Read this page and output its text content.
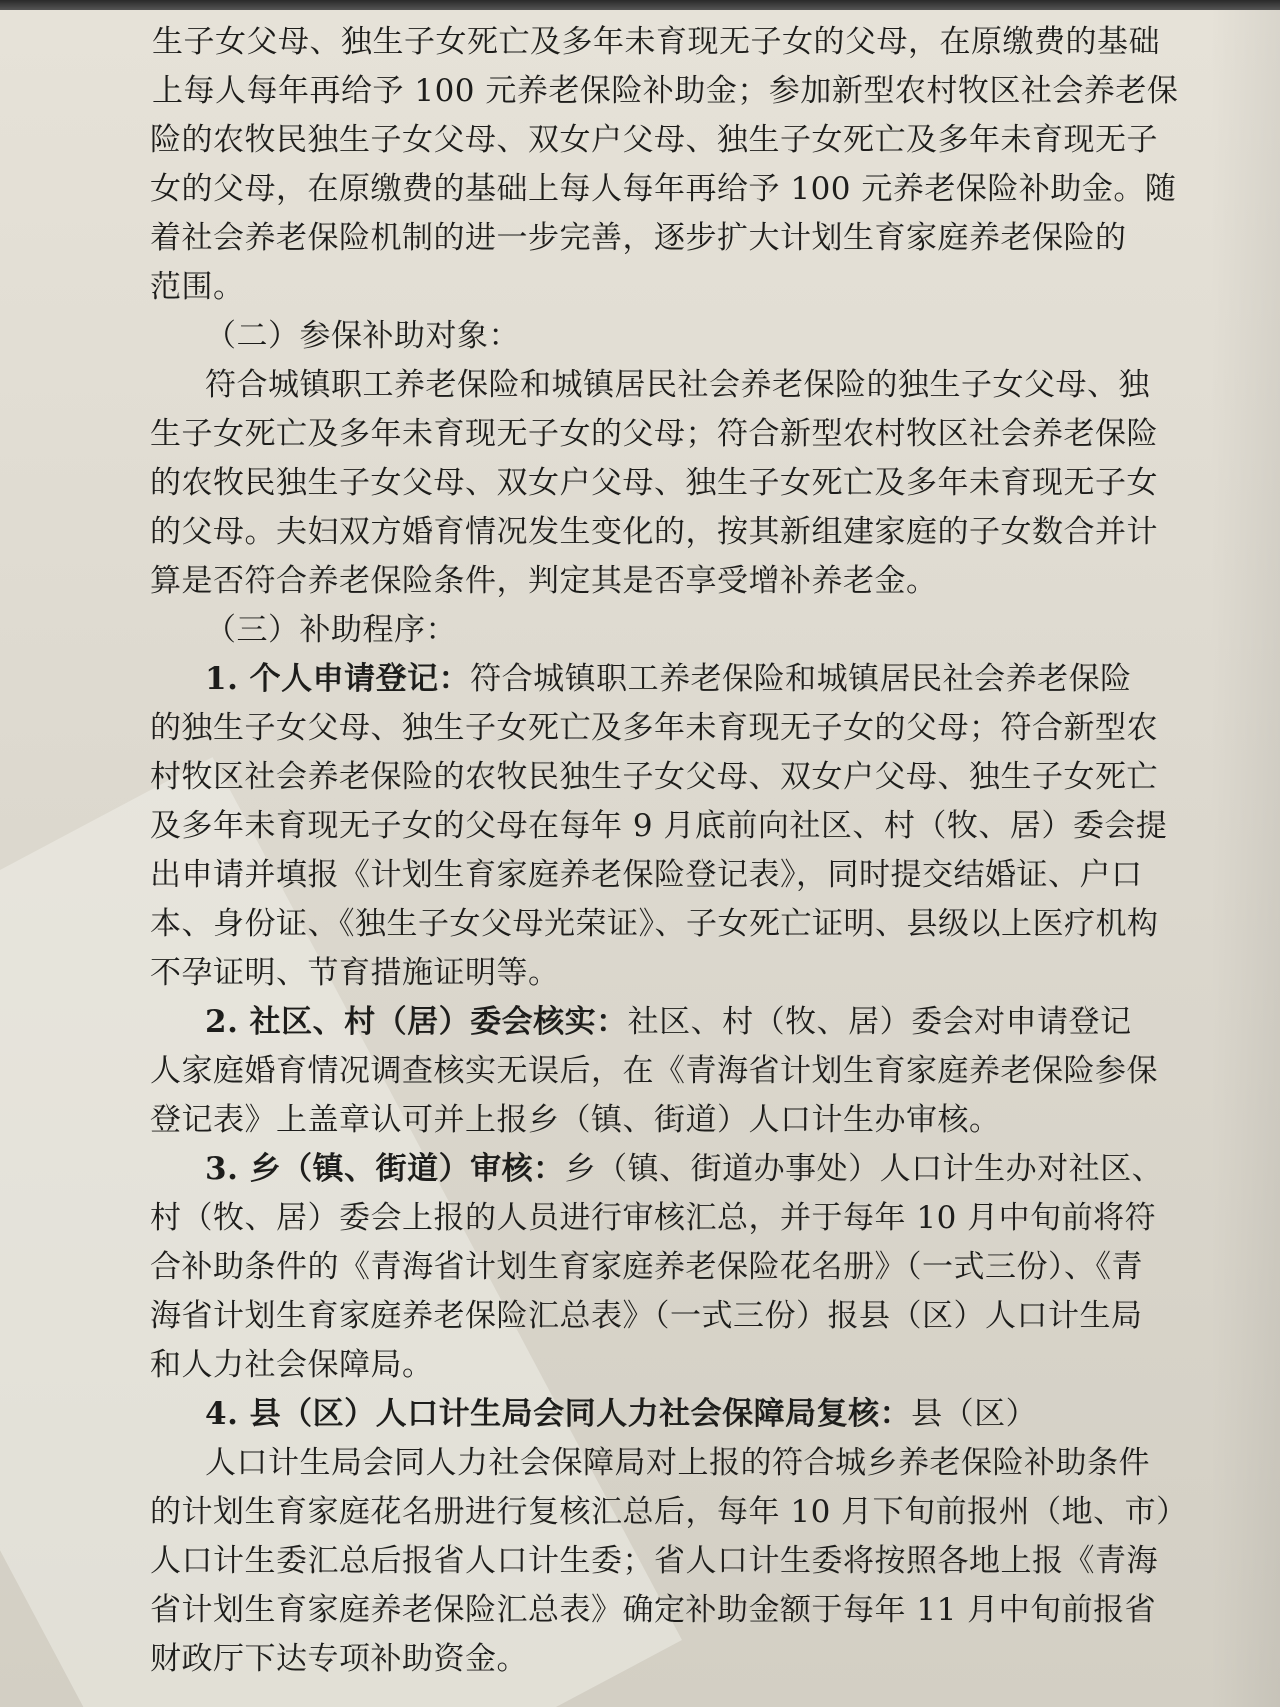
生子女父母、独生子女死亡及多年未育现无子女的父母，在原缴费的基础
上每人每年再给予 100 元养老保险补助金；参加新型农村牧区社会养老保
险的农牧民独生子女父母、双女户父母、独生子女死亡及多年未育现无子
女的父母，在原缴费的基础上每人每年再给予 100 元养老保险补助金。随
着社会养老保险机制的进一步完善，逐步扩大计划生育家庭养老保险的
范围。
（二）参保补助对象：
符合城镇职工养老保险和城镇居民社会养老保险的独生子女父母、独
生子女死亡及多年未育现无子女的父母；符合新型农村牧区社会养老保险
的农牧民独生子女父母、双女户父母、独生子女死亡及多年未育现无子女
的父母。夫妇双方婚育情况发生变化的，按其新组建家庭的子女数合并计
算是否符合养老保险条件，判定其是否享受增补养老金。
（三）补助程序：
1. 个人申请登记：符合城镇职工养老保险和城镇居民社会养老保险
的独生子女父母、独生子女死亡及多年未育现无子女的父母；符合新型农
村牧区社会养老保险的农牧民独生子女父母、双女户父母、独生子女死亡
及多年未育现无子女的父母在每年 9 月底前向社区、村（牧、居）委会提
出申请并填报《计划生育家庭养老保险登记表》，同时提交结婚证、户口
本、身份证、《独生子女父母光荣证》、子女死亡证明、县级以上医疗机构
不孕证明、节育措施证明等。
2. 社区、村（居）委会核实：社区、村（牧、居）委会对申请登记
人家庭婚育情况调查核实无误后，在《青海省计划生育家庭养老保险参保
登记表》上盖章认可并上报乡（镇、街道）人口计生办审核。
3. 乡（镇、街道）审核：乡（镇、街道办事处）人口计生办对社区、
村（牧、居）委会上报的人员进行审核汇总，并于每年 10 月中旬前将符
合补助条件的《青海省计划生育家庭养老保险花名册》（一式三份）、《青
海省计划生育家庭养老保险汇总表》（一式三份）报县（区）人口计生局
和人力社会保障局。
4. 县（区）人口计生局会同人力社会保障局复核：县（区）
人口计生局会同人力社会保障局对上报的符合城乡养老保险补助条件
的计划生育家庭花名册进行复核汇总后，每年 10 月下旬前报州（地、市）
人口计生委汇总后报省人口计生委；省人口计生委将按照各地上报《青海
省计划生育家庭养老保险汇总表》确定补助金额于每年 11 月中旬前报省
财政厅下达专项补助资金。
